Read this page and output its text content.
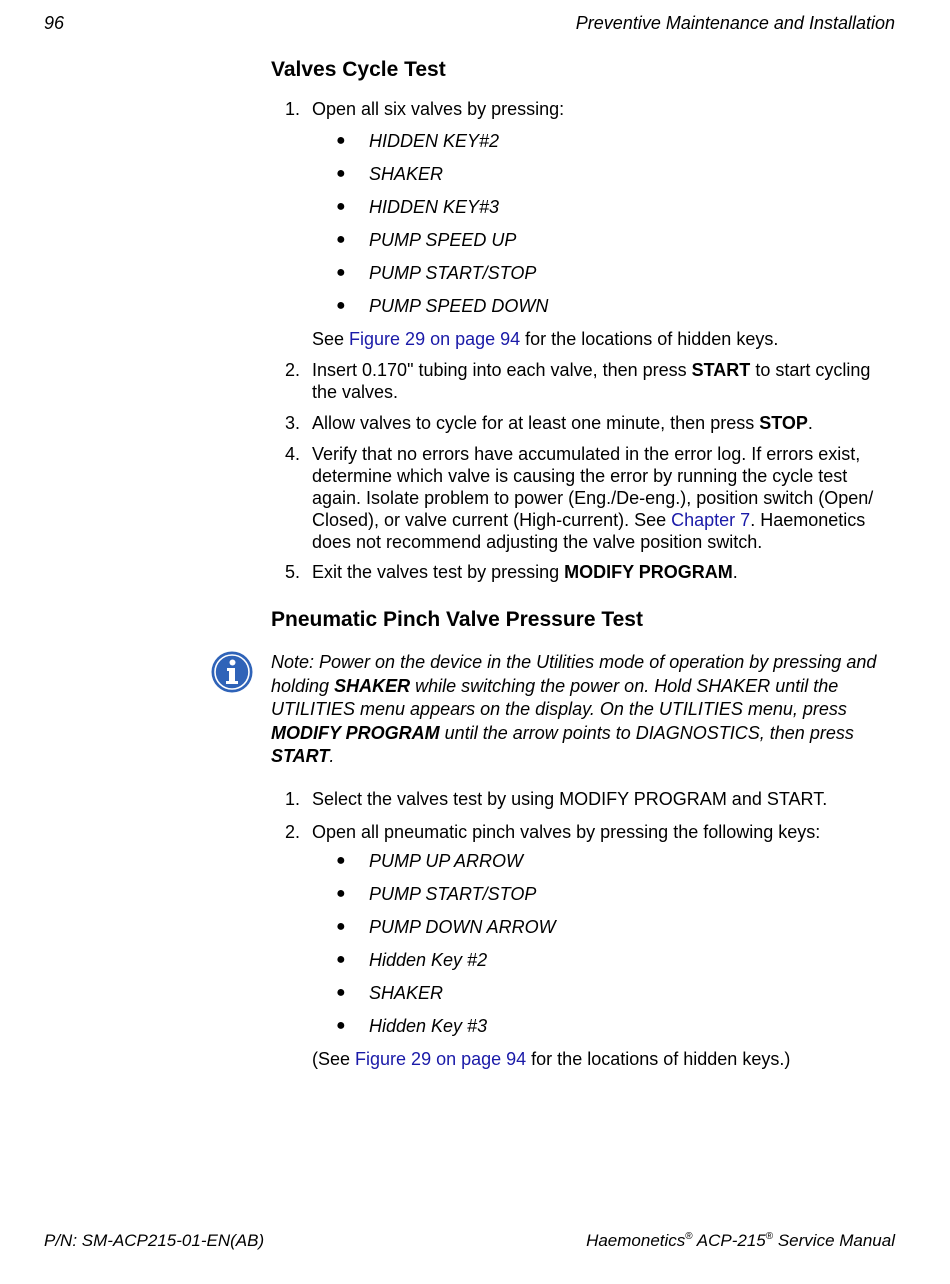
96	Preventive Maintenance and Installation
Valves Cycle Test
1. Open all six valves by pressing:
● HIDDEN KEY#2
● SHAKER
● HIDDEN KEY#3
● PUMP SPEED UP
● PUMP START/STOP
● PUMP SPEED DOWN
See Figure 29 on page 94 for the locations of hidden keys.
2. Insert 0.170" tubing into each valve, then press START to start cycling
the valves.
3. Allow valves to cycle for at least one minute, then press STOP.
4. Verify that no errors have accumulated in the error log. If errors exist,
determine which valve is causing the error by running the cycle test
again. Isolate problem to power (Eng./De-eng.), position switch (Open/
Closed), or valve current (High-current). See Chapter 7. Haemonetics
does not recommend adjusting the valve position switch.
5. Exit the valves test by pressing MODIFY PROGRAM.
Pneumatic Pinch Valve Pressure Test
Note: Power on the device in the Utilities mode of operation by pressing and
holding SHAKER while switching the power on. Hold SHAKER until the
UTILITIES menu appears on the display. On the UTILITIES menu, press
MODIFY PROGRAM until the arrow points to DIAGNOSTICS, then press
START.
1. Select the valves test by using MODIFY PROGRAM and START.
2. Open all pneumatic pinch valves by pressing the following keys:
● PUMP UP ARROW
● PUMP START/STOP
● PUMP DOWN ARROW
● Hidden Key #2
● SHAKER
● Hidden Key #3
(See Figure 29 on page 94 for the locations of hidden keys.)
P/N: SM-ACP215-01-EN(AB)	Haemonetics® ACP-215® Service Manual
